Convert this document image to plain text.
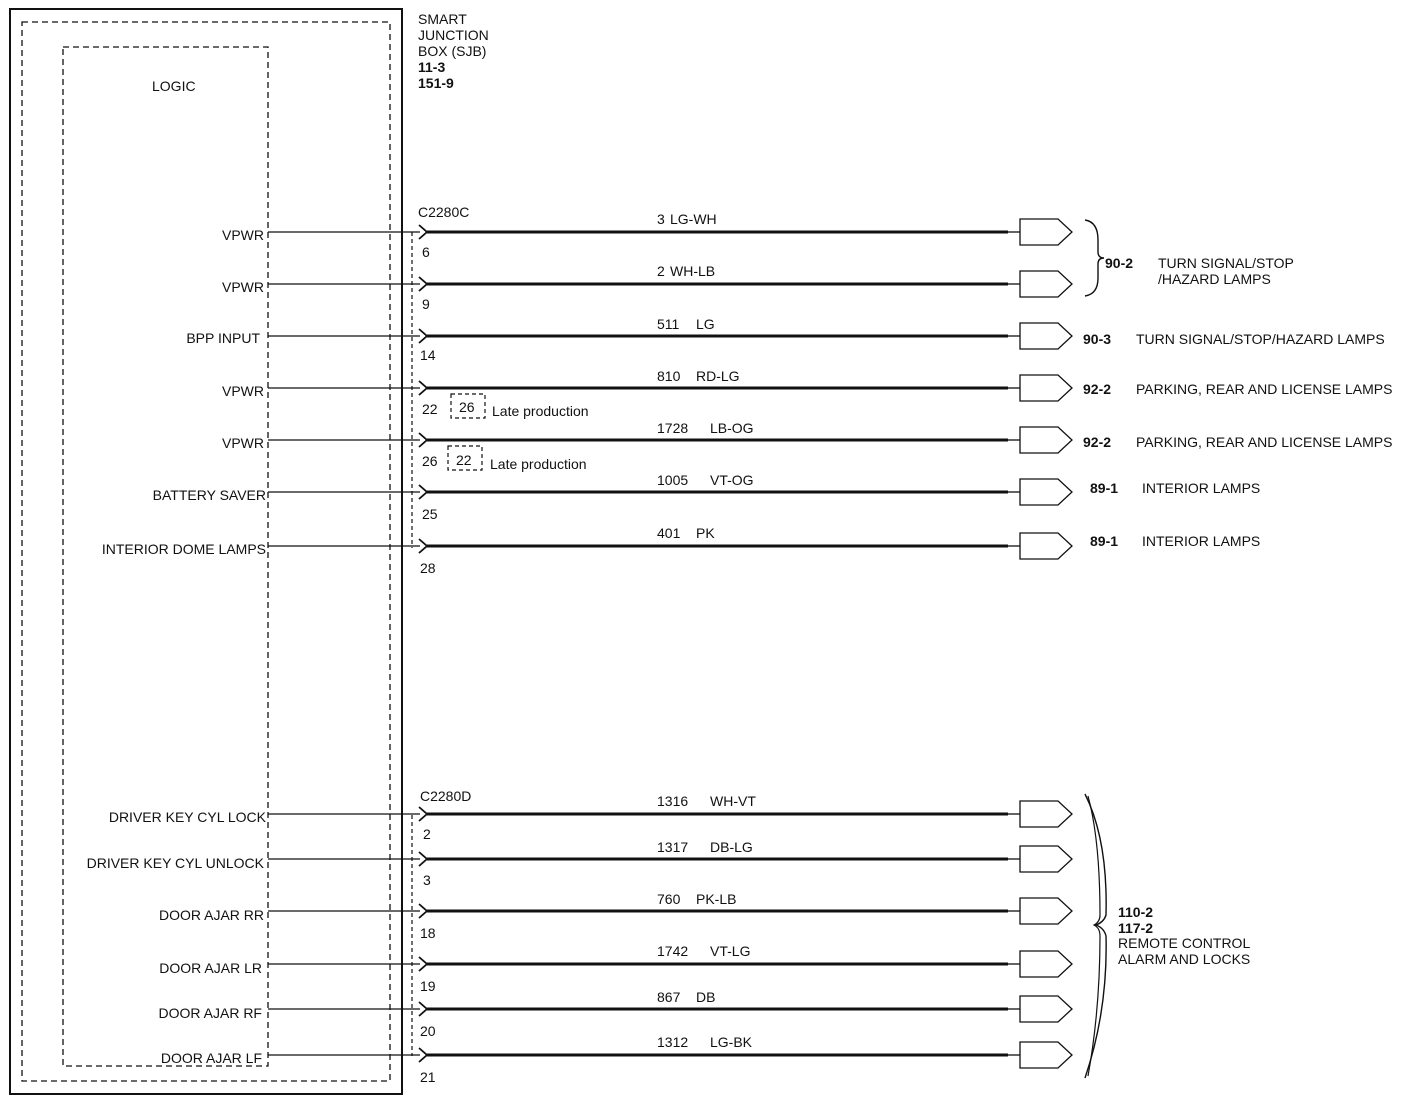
SMART
JUNCTION
BOX (SJB)
11-3
151-9
LOGIC
C2280C
C2280D
VPWR
6
3 LG-WH
VPWR
9
2 WH-LB
BPP INPUT
14
511 LG
VPWR
22 26 Late production
810 RD-LG
VPWR
26 22 Late production
1728 LB-OG
BATTERY SAVER
25
1005 VT-OG
INTERIOR DOME LAMPS
28
401 PK
DRIVER KEY CYL LOCK
2
1316 WH-VT
DRIVER KEY CYL UNLOCK
3
1317 DB-LG
DOOR AJAR RR
18
760 PK-LB
DOOR AJAR LR
19
1742 VT-LG
DOOR AJAR RF
20
867 DB
DOOR AJAR LF
21
1312 LG-BK
90-2 TURN SIGNAL/STOP
/HAZARD LAMPS
90-3 TURN SIGNAL/STOP/HAZARD LAMPS
92-2 PARKING, REAR AND LICENSE LAMPS
92-2 PARKING, REAR AND LICENSE LAMPS
89-1 INTERIOR LAMPS
89-1 INTERIOR LAMPS
110-2
117-2
REMOTE CONTROL
ALARM AND LOCKS
